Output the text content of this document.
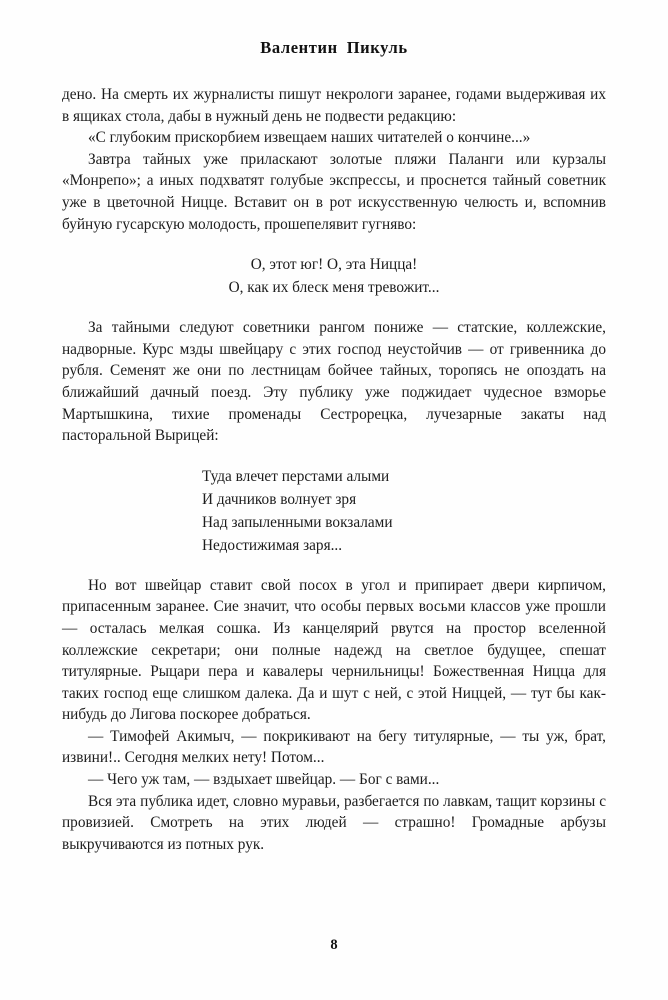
Валентин Пикуль

дено. На смерть их журналисты пишут некрологи заранее, годами выдерживая их в ящиках стола, дабы в нужный день не подвести редакцию:

«С глубоким прискорбием извещаем наших читателей о кончине...»

Завтра тайных уже приласкают золотые пляжи Паланги или курзалы «Монрепо»; а иных подхватят голубые экспрессы, и проснется тайный советник уже в цветочной Ницце. Вставит он в рот искусственную челюсть и, вспомнив буйную гусарскую молодость, прошепелявит гугняво:

О, этот юг! О, эта Ницца!
О, как их блеск меня тревожит...

За тайными следуют советники рангом пониже — статские, коллежские, надворные. Курс мзды швейцару с этих господ неустойчив — от гривенника до рубля. Семенят же они по лестницам бойчее тайных, торопясь не опоздать на ближайший дачный поезд. Эту публику уже поджидает чудесное взморье Мартышкина, тихие променады Сестрорецка, лучезарные закаты над пасторальной Вырицей:

Туда влечет перстами алыми
И дачников волнует зря
Над запыленными вокзалами
Недостижимая заря...

Но вот швейцар ставит свой посох в угол и припирает двери кирпичом, припасенным заранее. Сие значит, что особы первых восьми классов уже прошли — осталась мелкая сошка. Из канцелярий рвутся на простор вселенной коллежские секретари; они полные надежд на светлое будущее, спешат титулярные. Рыцари пера и кавалеры чернильницы! Божественная Ницца для таких господ еще слишком далека. Да и шут с ней, с этой Ниццей, — тут бы как-нибудь до Лигова поскорее добраться.

— Тимофей Акимыч, — покрикивают на бегу титулярные, — ты уж, брат, извини!.. Сегодня мелких нету! Потом...

— Чего уж там, — вздыхает швейцар. — Бог с вами...

Вся эта публика идет, словно муравьи, разбегается по лавкам, тащит корзины с провизией. Смотреть на этих людей — страшно! Громадные арбузы выкручиваются из потных рук.

8
